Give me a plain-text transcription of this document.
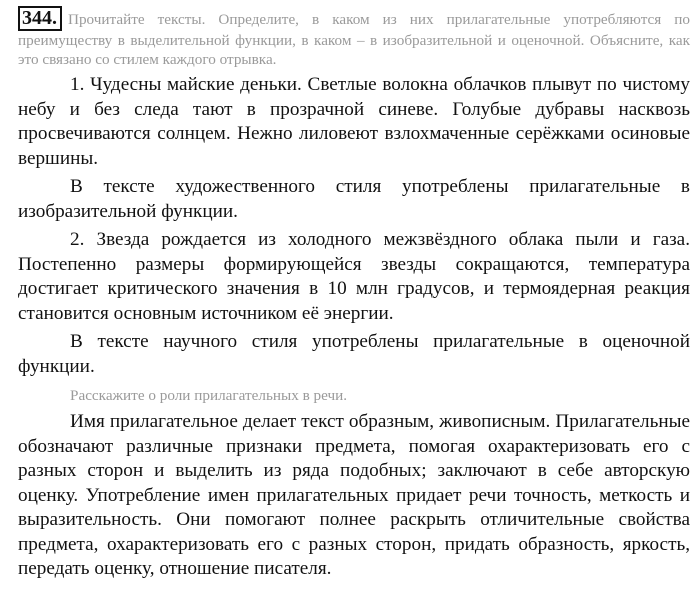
344. Прочитайте тексты. Определите, в каком из них прилагательные употребляются по преимуществу в выделительной функции, в каком – в изобразительной и оценочной. Объясните, как это связано со стилем каждого отрывка.

1. Чудесны майские деньки. Светлые волокна облачков плывут по чистому небу и без следа тают в прозрачной синеве. Голубые дубравы насквозь просвечиваются солнцем. Нежно лиловеют взлохмаченные серёжками осиновые вершины.

В тексте художественного стиля употреблены прилагательные в изобразительной функции.

2. Звезда рождается из холодного межзвёздного облака пыли и газа. Постепенно размеры формирующейся звезды сокращаются, температура достигает критического значения в 10 млн градусов, и термоядерная реакция становится основным источником её энергии.

В тексте научного стиля употреблены прилагательные в оценочной функции.

Расскажите о роли прилагательных в речи.

Имя прилагательное делает текст образным, живописным. Прилагательные обозначают различные признаки предмета, помогая охарактеризовать его с разных сторон и выделить из ряда подобных; заключают в себе авторскую оценку. Употребление имен прилагательных придает речи точность, меткость и выразительность. Они помогают полнее раскрыть отличительные свойства предмета, охарактеризовать его с разных сторон, придать образность, яркость, передать оценку, отношение писателя.
